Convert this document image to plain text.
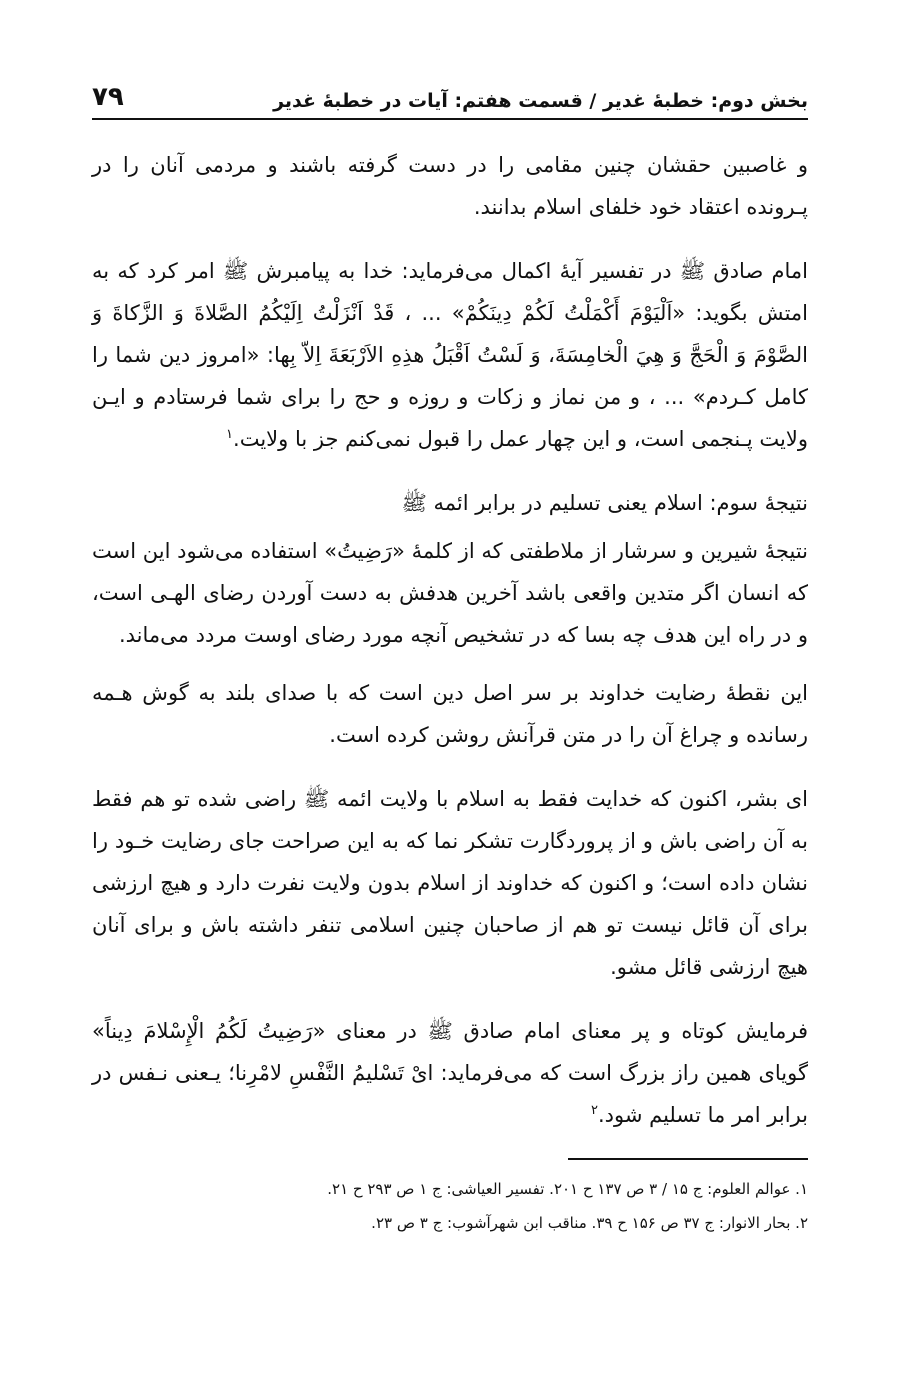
بخش دوم: خطبهٔ غدیر / قسمت هفتم: آیات در خطبهٔ غدیر
۷۹

و غاصبین حقشان چنین مقامی را در دست گرفته باشند و مردمی آنان را در پـرونده اعتقاد خود خلفای اسلام بدانند.

امام صادق ﷺ در تفسیر آیهٔ اکمال می‌فرماید: خدا به پیامبرش ﷺ امر کرد که به امتش بگوید: «اَلْيَوْمَ أَكْمَلْتُ لَكُمْ دِينَكُمْ» ... ، قَدْ اَنْزَلْتُ اِلَيْكُمُ الصَّلاةَ وَ الزَّكاةَ وَ الصَّوْمَ وَ الْحَجَّ وَ هِيَ الْخامِسَةَ، وَ لَسْتُ اَقْبَلُ هذِهِ الاَرْبَعَةَ اِلاّ بِها: «امروز دین شما را کامل کـردم» ... ، و من نماز و زکات و روزه و حج را برای شما فرستادم و ایـن ولایت پـنجمی است، و این چهار عمل را قبول نمی‌کنم جز با ولایت.$^۱$

نتیجهٔ سوم: اسلام یعنی تسلیم در برابر ائمه ﷺ

نتیجهٔ شیرین و سرشار از ملاطفتی که از کلمهٔ «رَضِيتُ» استفاده می‌شود این است که انسان اگر متدین واقعی باشد آخرین هدفش به دست آوردن رضای الهـی است، و در راه این هدف چه بسا که در تشخیص آنچه مورد رضای اوست مردد می‌ماند.

این نقطهٔ رضایت خداوند بر سر اصل دین است که با صدای بلند به گوش هـمه رسانده و چراغ آن را در متن قرآنش روشن کرده است.

ای بشر، اکنون که خدایت فقط به اسلام با ولایت ائمه ﷺ راضی شده تو هم فقط به آن راضی باش و از پروردگارت تشکر نما که به این صراحت جای رضایت خـود را نشان داده است؛ و اکنون که خداوند از اسلام بدون ولایت نفرت دارد و هیچ ارزشی برای آن قائل نیست تو هم از صاحبان چنین اسلامی تنفر داشته باش و برای آنان هیچ ارزشی قائل مشو.

فرمایش کوتاه و پر معنای امام صادق ﷺ در معنای «رَضِيتُ لَكُمُ الْإِسْلامَ دِيناً» گویای همین راز بزرگ است که می‌فرماید: اىْ تَسْليمُ النَّفْسِ لامْرِنا؛ یـعنی نـفس در برابر امر ما تسلیم شود.$^۲$

۱. عوالم العلوم: ج ۱۵ / ۳ ص ۱۳۷ ح ۲۰۱. تفسیر العیاشی: ج ۱ ص ۲۹۳ ح ۲۱.
۲. بحار الانوار: ج ۳۷ ص ۱۵۶ ح ۳۹. مناقب ابن شهرآشوب: ج ۳ ص ۲۳.
